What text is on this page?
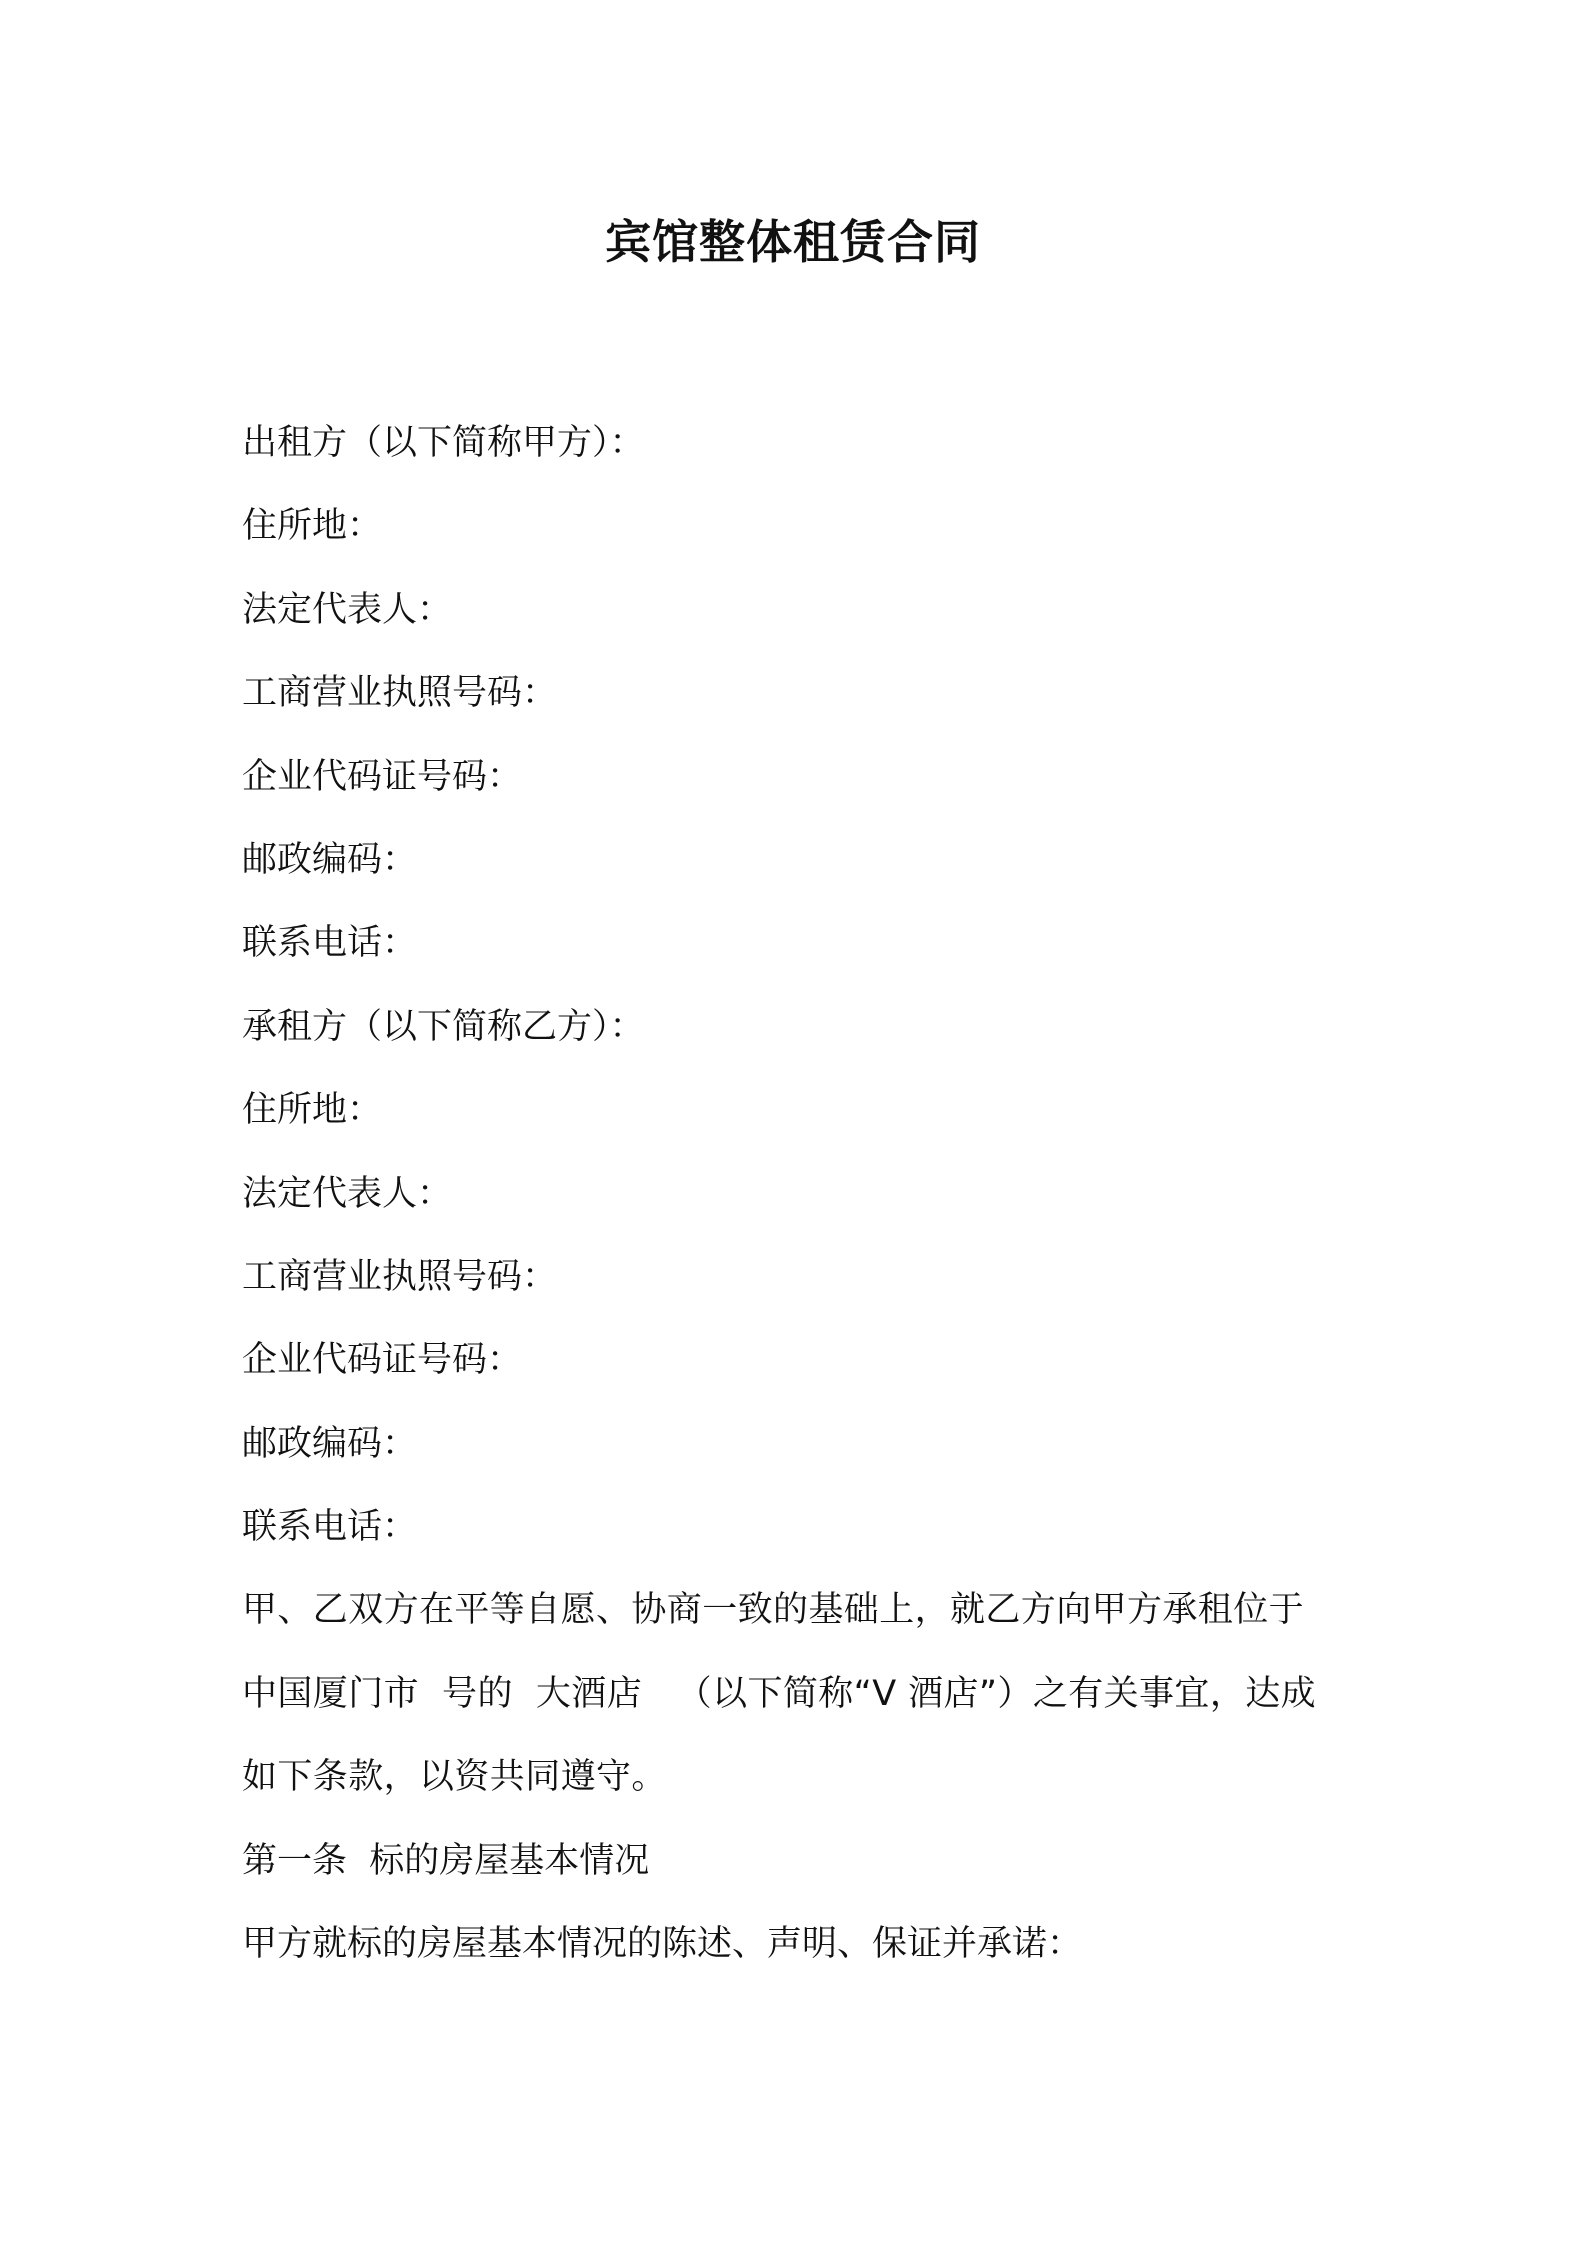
宾馆整体租赁合同
出租方（以下简称甲方）：
住所地：
法定代表人：
工商营业执照号码：
企业代码证号码：
邮政编码：
联系电话：
承租方（以下简称乙方）：
住所地：
法定代表人：
工商营业执照号码：
企业代码证号码：
邮政编码：
联系电话：
甲、乙双方在平等自愿、协商一致的基础上，就乙方向甲方承租位于
中国厦门市  号的  大酒店   （以下简称“V 酒店”）之有关事宜，达成
如下条款，以资共同遵守。
第一条  标的房屋基本情况
甲方就标的房屋基本情况的陈述、声明、保证并承诺：
